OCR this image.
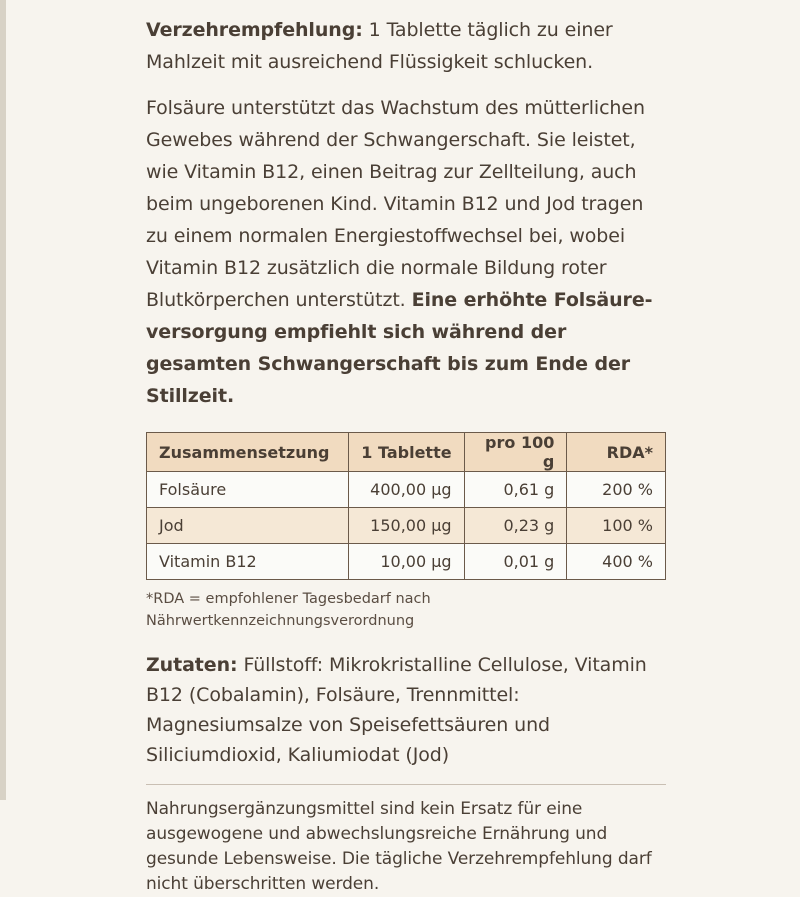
Verzehrempfehlung: 1 Tablette täglich zu einer Mahlzeit mit ausreichend Flüssigkeit schlucken.

Folsäure unterstützt das Wachstum des mütterlichen Gewebes während der Schwangerschaft. Sie leistet, wie Vitamin B12, einen Beitrag zur Zellteilung, auch beim ungeborenen Kind. Vitamin B12 und Jod tragen zu einem normalen Energiestoffwechsel bei, wobei Vitamin B12 zusätzlich die normale Bildung roter Blutkörperchen unterstützt. Eine erhöhte Folsäureversorgung empfiehlt sich während der gesamten Schwangerschaft bis zum Ende der Stillzeit.

Zusammensetzung	1 Tablette	pro 100 g	RDA*
Folsäure	400,00 µg	0,61 g	200 %
Jod	150,00 µg	0,23 g	100 %
Vitamin B12	10,00 µg	0,01 g	400 %
*RDA = empfohlener Tagesbedarf nach Nährwertkennzeichnungsverordnung

Zutaten: Füllstoff: Mikrokristalline Cellulose, Vitamin B12 (Cobalamin), Folsäure, Trennmittel: Magnesiumsalze von Speisefettsäuren und Siliciumdioxid, Kaliumiodat (Jod)

Nahrungsergänzungsmittel sind kein Ersatz für eine ausgewogene und abwechslungsreiche Ernährung und gesunde Lebensweise. Die tägliche Verzehrempfehlung darf nicht überschritten werden.
